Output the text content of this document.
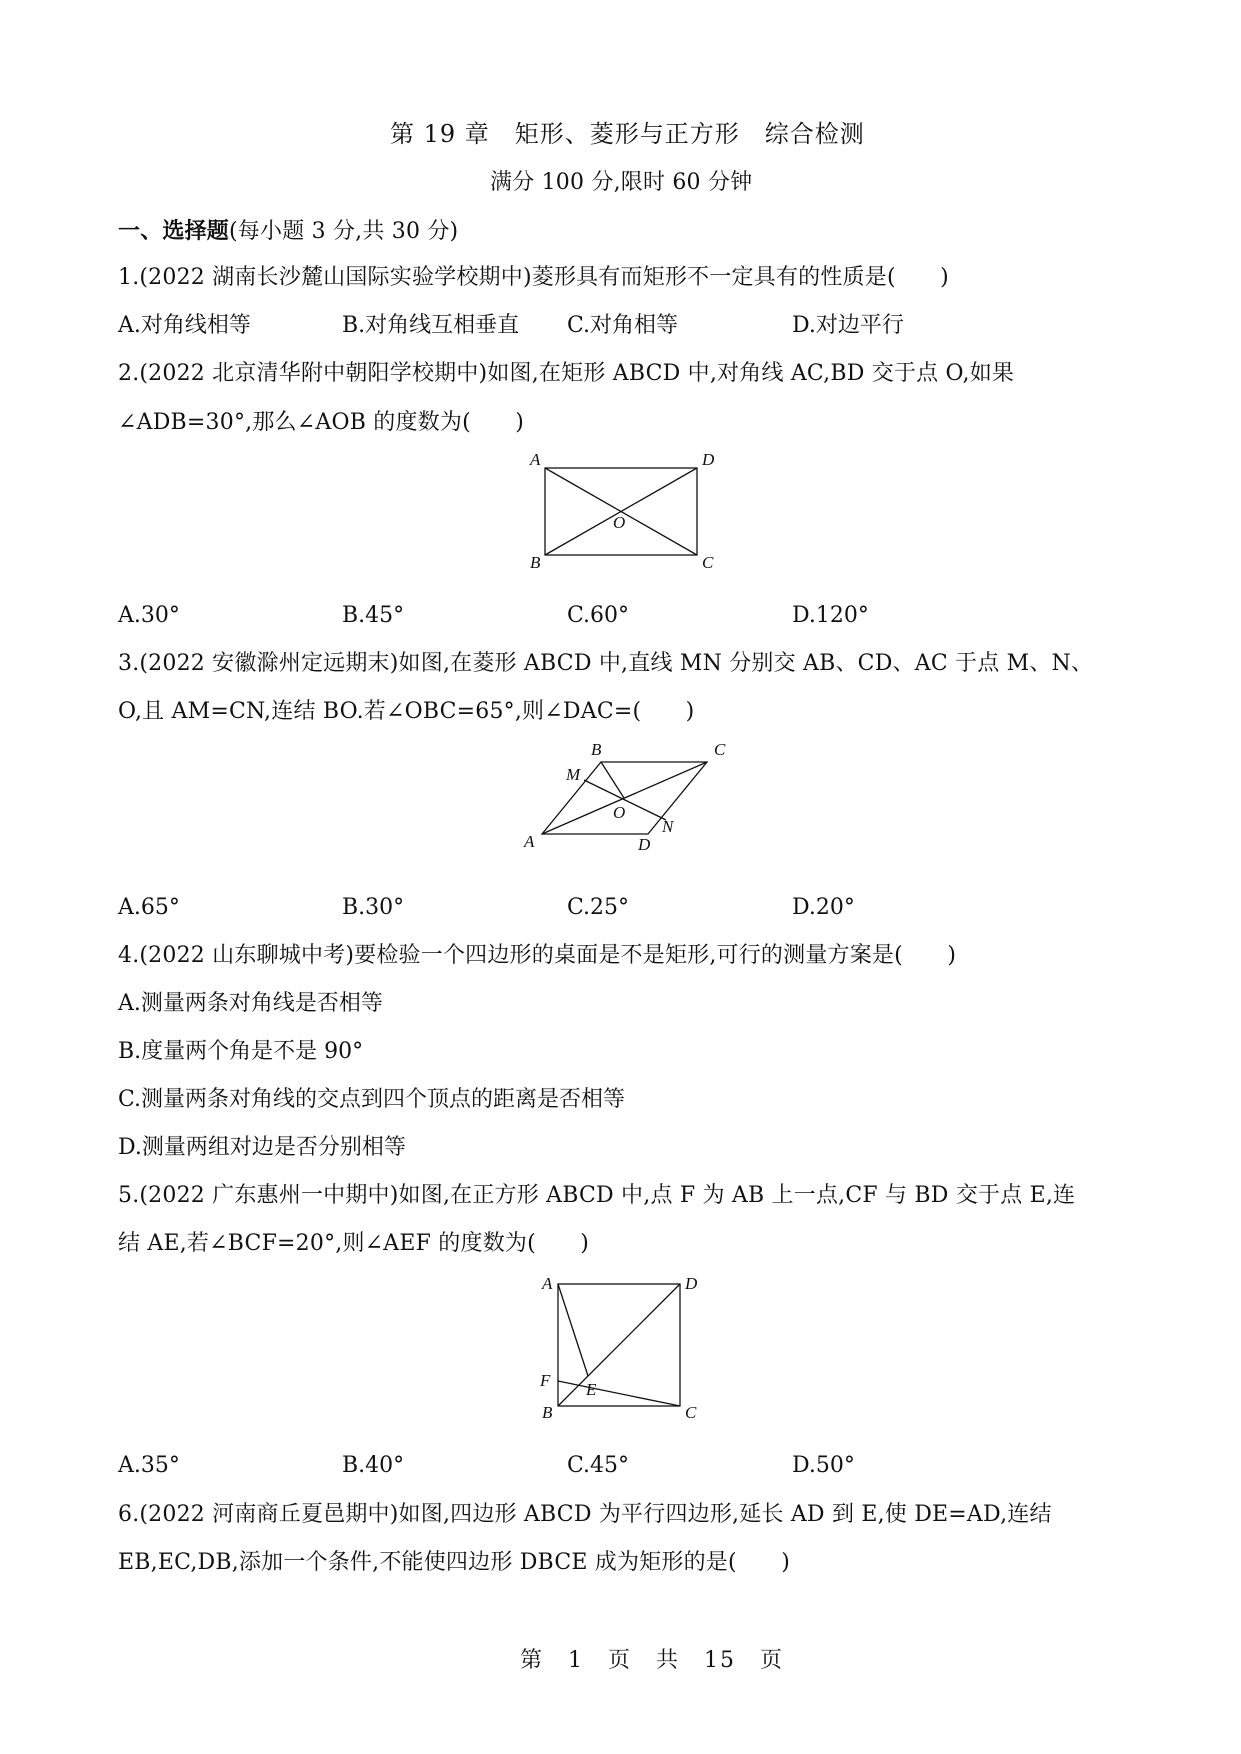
第 19 章　矩形、菱形与正方形　综合检测
满分 100 分,限时 60 分钟
一、选择题(每小题 3 分,共 30 分)
1.(2022 湖南长沙麓山国际实验学校期中)菱形具有而矩形不一定具有的性质是(　　)
A.对角线相等	B.对角线互相垂直 C.对角相等	D.对边平行
2.(2022 北京清华附中朝阳学校期中)如图,在矩形 ABCD 中,对角线 AC,BD 交于点 O,如果
∠ADB=30°,那么∠AOB 的度数为(　　)
A	D
B	C
O
A.30°	B.45°	C.60°	D.120°
3.(2022 安徽滁州定远期末)如图,在菱形 ABCD 中,直线 MN 分别交 AB、CD、AC 于点 M、N、
O,且 AM=CN,连结 BO.若∠OBC=65°,则∠DAC=(　　)
A
B	C
D
M
N
O
A.65°	B.30°	C.25°	D.20°
4.(2022 山东聊城中考)要检验一个四边形的桌面是不是矩形,可行的测量方案是(　　)
A.测量两条对角线是否相等
B.度量两个角是不是 90°
C.测量两条对角线的交点到四个顶点的距离是否相等
D.测量两组对边是否分别相等
5.(2022 广东惠州一中期中)如图,在正方形 ABCD 中,点 F 为 AB 上一点,CF 与 BD 交于点 E,连
结 AE,若∠BCF=20°,则∠AEF 的度数为(　　)
A	D
F E
B	C
A.35°	B.40°	C.45°	D.50°
6.(2022 河南商丘夏邑期中)如图,四边形 ABCD 为平行四边形,延长 AD 到 E,使 DE=AD,连结
EB,EC,DB,添加一个条件,不能使四边形 DBCE 成为矩形的是(　　)
第　1　页　共　15　页
